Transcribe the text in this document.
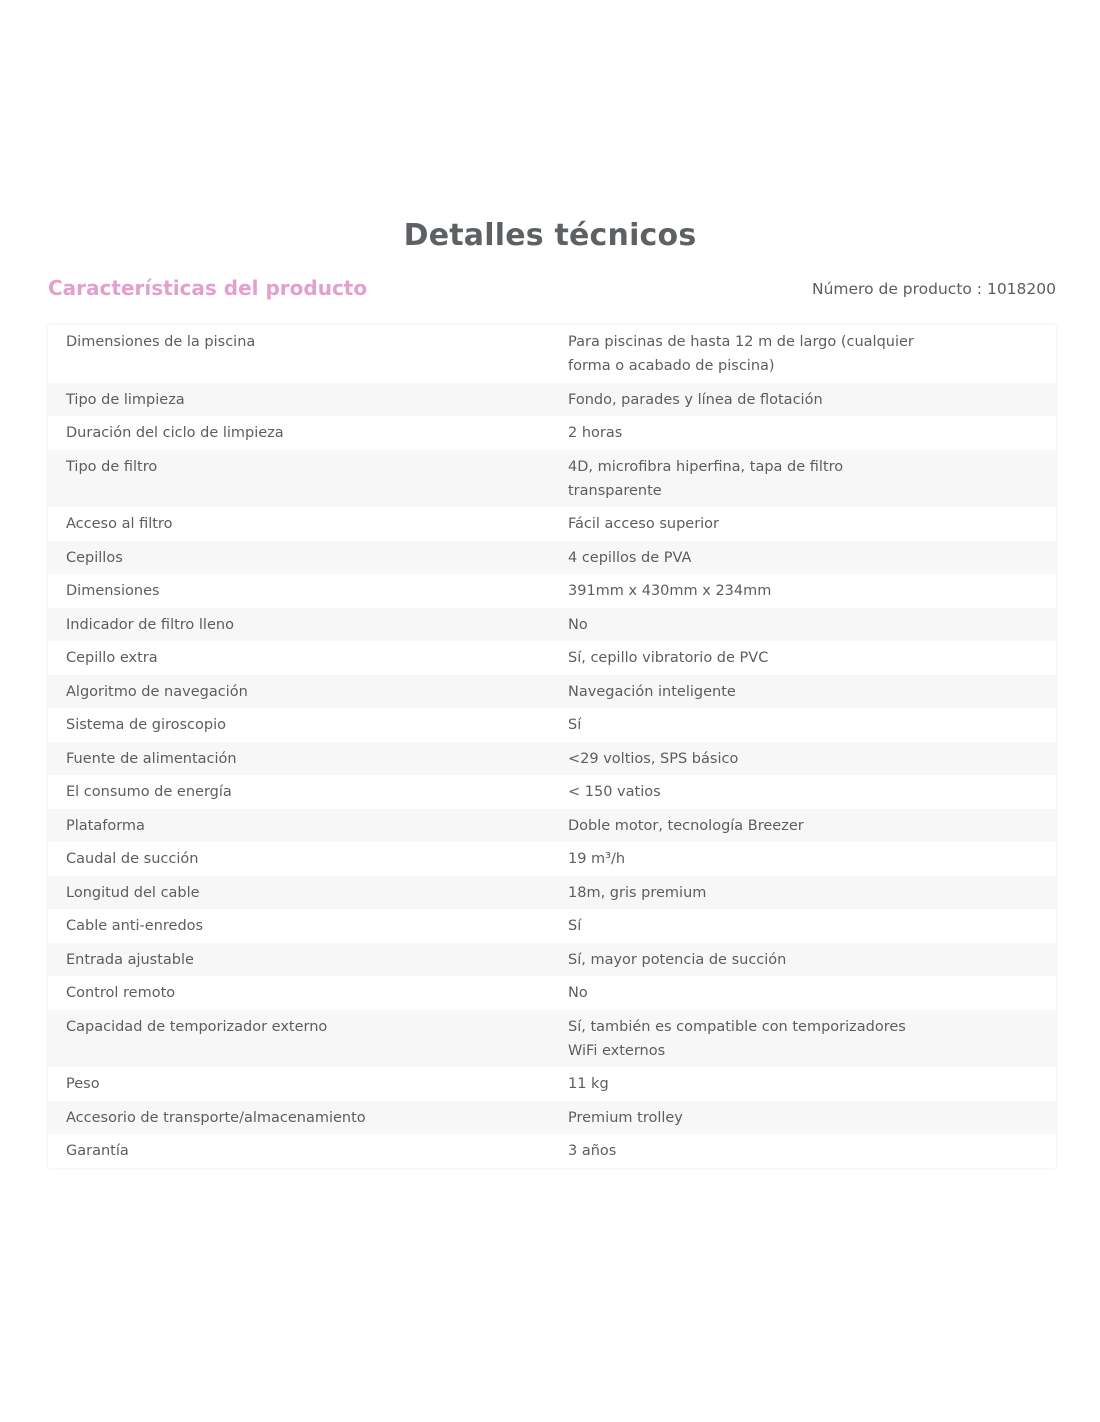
Detalles técnicos
Características del producto	Número de producto : 1018200
Dimensiones de la piscina	Para piscinas de hasta 12 m de largo (cualquier forma o acabado de piscina)
Tipo de limpieza	Fondo, parades y línea de flotación
Duración del ciclo de limpieza	2 horas
Tipo de filtro	4D, microfibra hiperfina, tapa de filtro transparente
Acceso al filtro	Fácil acceso superior
Cepillos	4 cepillos de PVA
Dimensiones	391mm x 430mm x 234mm
Indicador de filtro lleno	No
Cepillo extra	Sí, cepillo vibratorio de PVC
Algoritmo de navegación	Navegación inteligente
Sistema de giroscopio	Sí
Fuente de alimentación	<29 voltios, SPS básico
El consumo de energía	< 150 vatios
Plataforma	Doble motor, tecnología Breezer
Caudal de succión	19 m³/h
Longitud del cable	18m, gris premium
Cable anti-enredos	Sí
Entrada ajustable	Sí, mayor potencia de succión
Control remoto	No
Capacidad de temporizador externo	Sí, también es compatible con temporizadores WiFi externos
Peso	11 kg
Accesorio de transporte/almacenamiento	Premium trolley
Garantía	3 años
